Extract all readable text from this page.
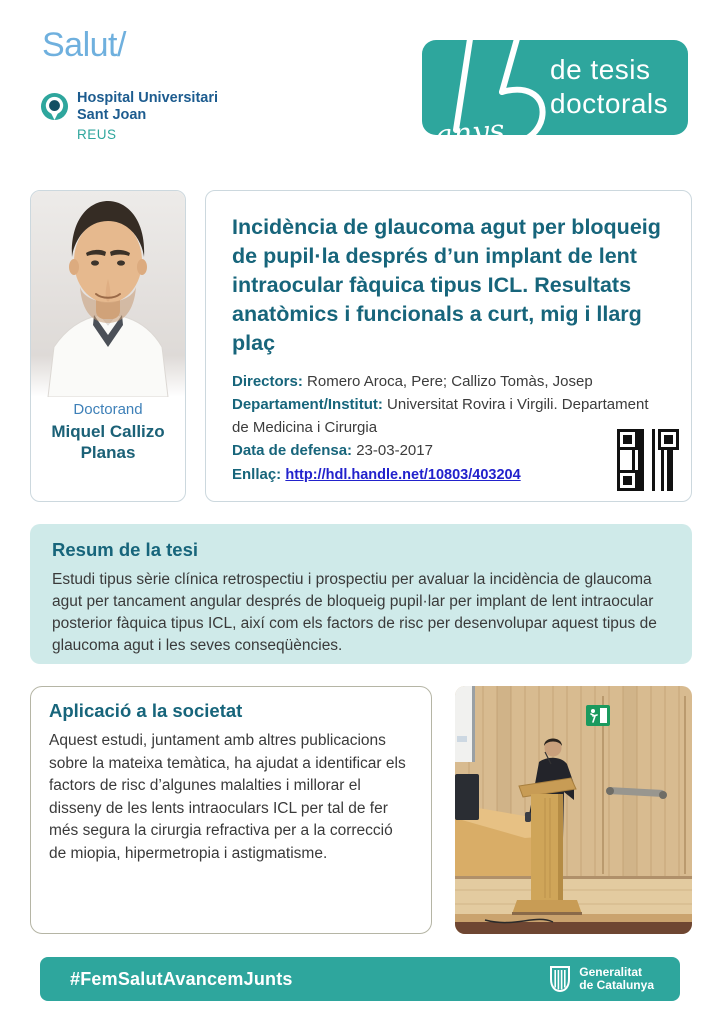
Salut/
Hospital Universitari
Sant Joan
REUS	anys
de tesis
doctorals
Doctorand
Miquel Callizo Planas
Incidència de glaucoma agut per bloqueig de pupil·la després d’un implant de lent intraocular fàquica tipus ICL. Resultats anatòmics i funcionals a curt, mig i llarg plaç

Directors: Romero Aroca, Pere; Callizo Tomàs, Josep

Departament/Institut: Universitat Rovira i Virgili. Departament de Medicina i Cirurgia

Data de defensa: 23-03-2017

Enllaç: http://hdl.handle.net/10803/403204

Resum de la tesi

Estudi tipus sèrie clínica retrospectiu i prospectiu per avaluar la incidència de glaucoma agut per tancament angular després de bloqueig pupil·lar per implant de lent intraocular posterior fàquica tipus ICL, així com els factors de risc per desenvolupar aquest tipus de glaucoma agut i les seves conseqüències.

Aplicació a la societat

Aquest estudi, juntament amb altres publicacions sobre la mateixa temàtica, ha ajudat a identificar els factors de risc d’algunes malalties i millorar el disseny de les lents intraoculars ICL per tal de fer més segura la cirurgia refractiva per a la correcció de miopia, hipermetropia i astigmatisme.

#FemSalutAvancemJunts	Generalitat
de Catalunya
